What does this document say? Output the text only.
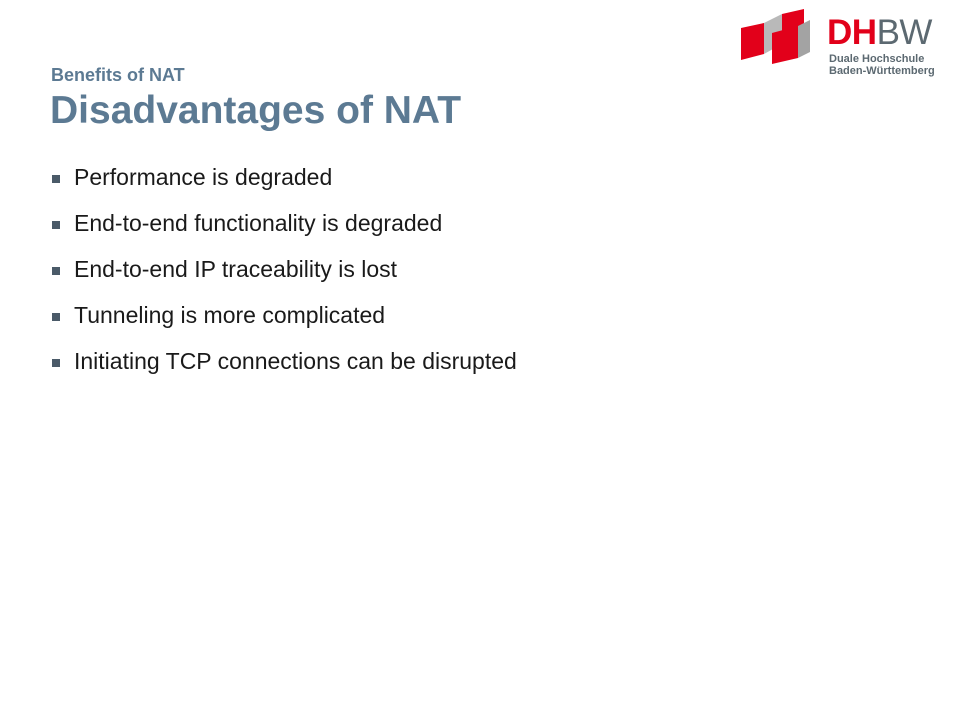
DHBW
Duale Hochschule
Baden-Württemberg
Benefits of NAT
Disadvantages of NAT
Performance is degraded
End-to-end functionality is degraded
End-to-end IP traceability is lost
Tunneling is more complicated
Initiating TCP connections can be disrupted
